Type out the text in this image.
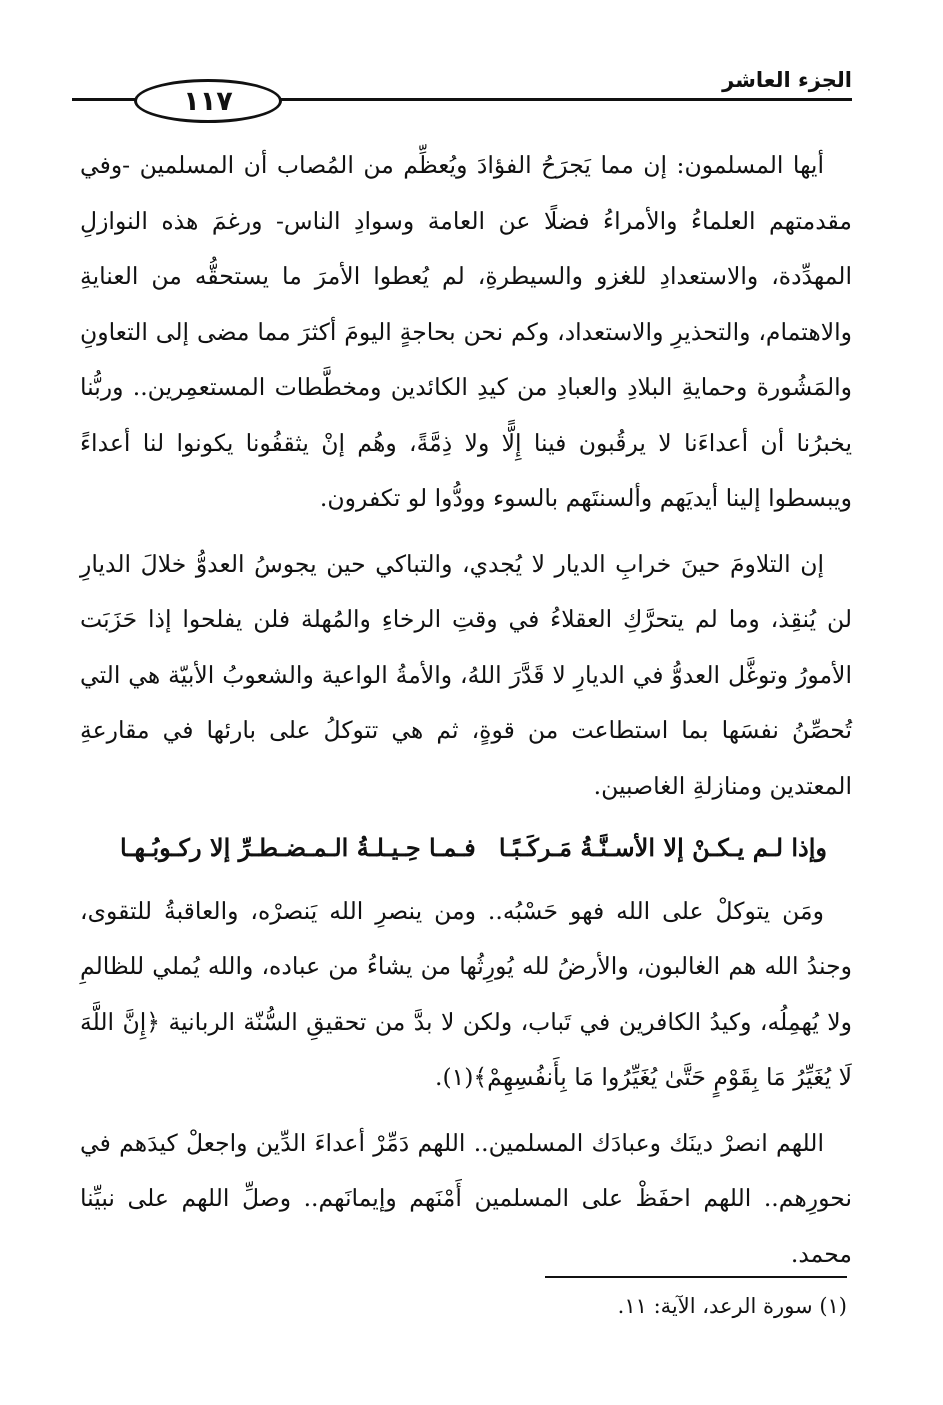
الجزء العاشر
١١٧

أيها المسلمون: إن مما يَجرَحُ الفؤادَ ويُعظِّم من المُصاب أن المسلمين -وفي مقدمتهم العلماءُ والأمراءُ فضلًا عن العامة وسوادِ الناس- ورغمَ هذه النوازلِ المهدِّدة، والاستعدادِ للغزو والسيطرةِ، لم يُعطوا الأمرَ ما يستحقُّه من العنايةِ والاهتمام، والتحذيرِ والاستعداد، وكم نحن بحاجةٍ اليومَ أكثرَ مما مضى إلى التعاونِ والمَشُورة وحمايةِ البلادِ والعبادِ من كيدِ الكائدين ومخطَّطات المستعمِرين.. وربُّنا يخبرُنا أن أعداءَنا لا يرقُبون فينا إِلًّا ولا ذِمَّةً، وهُم إنْ يثقفُونا يكونوا لنا أعداءً ويبسطوا إلينا أيديَهم وألسنتَهم بالسوء وودُّوا لو تكفرون.

إن التلاومَ حينَ خرابِ الديار لا يُجدي، والتباكي حين يجوسُ العدوُّ خلالَ الديارِ لن يُنقِذ، وما لم يتحرَّكِ العقلاءُ في وقتِ الرخاءِ والمُهلة فلن يفلحوا إذا حَزَبَت الأمورُ وتوغَّل العدوُّ في الديارِ لا قَدَّرَ اللهُ، والأمةُ الواعية والشعوبُ الأبيّة هي التي تُحصِّنُ نفسَها بما استطاعت من قوةٍ، ثم هي تتوكلُ على بارئها في مقارعةِ المعتدين ومنازلةِ الغاصبين.

وإذا لـم يـكـنْ إلا الأسـنَّـةُ مَـركَـبًـا
فـمـا حِـيـلـةُ الـمـضـطـرِّ إلا ركـوبُـهـا

ومَن يتوكلْ على الله فهو حَسْبُه.. ومن ينصرِ الله يَنصرْه، والعاقبةُ للتقوى، وجندُ الله هم الغالبون، والأرضُ لله يُورِثُها من يشاءُ من عباده، والله يُملي للظالمِ ولا يُهمِلُه، وكيدُ الكافرين في تَباب، ولكن لا بدَّ من تحقيقِ السُّنّة الربانية ﴿إِنَّ اللَّهَ لَا يُغَيِّرُ مَا بِقَوْمٍ حَتَّىٰ يُغَيِّرُوا مَا بِأَنفُسِهِمْ﴾(١).

اللهم انصرْ دينَك وعبادَك المسلمين.. اللهم دَمِّرْ أعداءَ الدِّين واجعلْ كيدَهم في نحورِهم.. اللهم احفَظْ على المسلمين أَمْنَهم وإيمانَهم.. وصلِّ اللهم على نبيِّنا محمد.

(١) سورة الرعد، الآية: ١١.
